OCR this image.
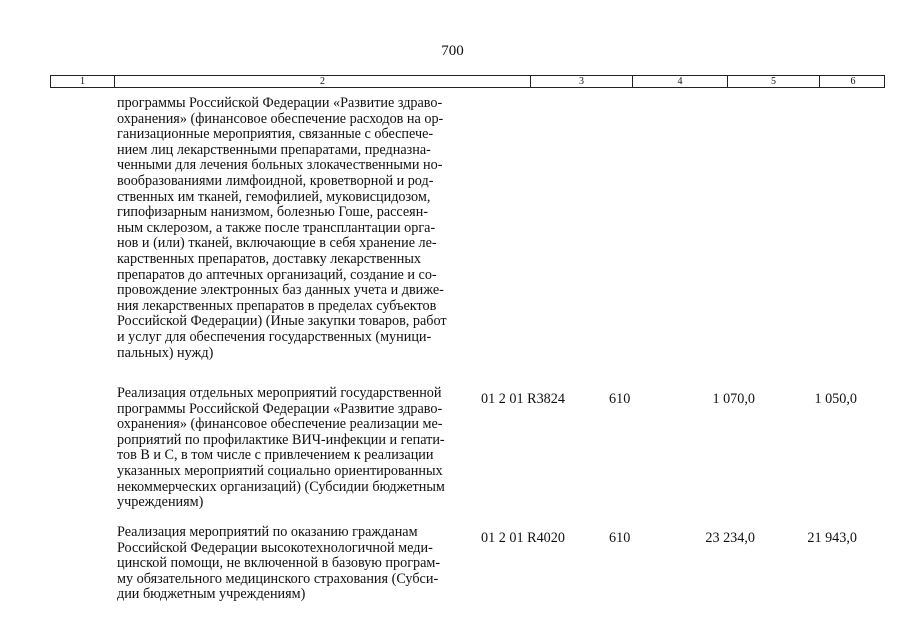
700
1	2	3	4	5	6
программы Российской Федерации «Развитие здраво-
охранения» (финансовое обеспечение расходов на ор-
ганизационные мероприятия, связанные с обеспече-
нием лиц лекарственными препаратами, предназна-
ченными для лечения больных злокачественными но-
вообразованиями лимфоидной, кроветворной и род-
ственных им тканей, гемофилией, муковисцидозом,
гипофизарным нанизмом, болезнью Гоше, рассеян-
ным склерозом, а также после трансплантации орга-
нов и (или) тканей, включающие в себя хранение ле-
карственных препаратов, доставку лекарственных
препаратов до аптечных организаций, создание и со-
провождение электронных баз данных учета и движе-
ния лекарственных препаратов в пределах субъектов
Российской Федерации) (Иные закупки товаров, работ
и услуг для обеспечения государственных (муници-
пальных) нужд)
Реализация отдельных мероприятий государственной
программы Российской Федерации «Развитие здраво-
охранения» (финансовое обеспечение реализации ме-
роприятий по профилактике ВИЧ-инфекции и гепати-
тов В и С, в том числе с привлечением к реализации
указанных мероприятий социально ориентированных
некоммерческих организаций) (Субсидии бюджетным
учреждениям)
01 2 01 R3824	610	1 070,0	1 050,0
Реализация мероприятий по оказанию гражданам
Российской Федерации высокотехнологичной меди-
цинской помощи, не включенной в базовую програм-
му обязательного медицинского страхования (Субси-
дии бюджетным учреждениям)
01 2 01 R4020	610	23 234,0	21 943,0
